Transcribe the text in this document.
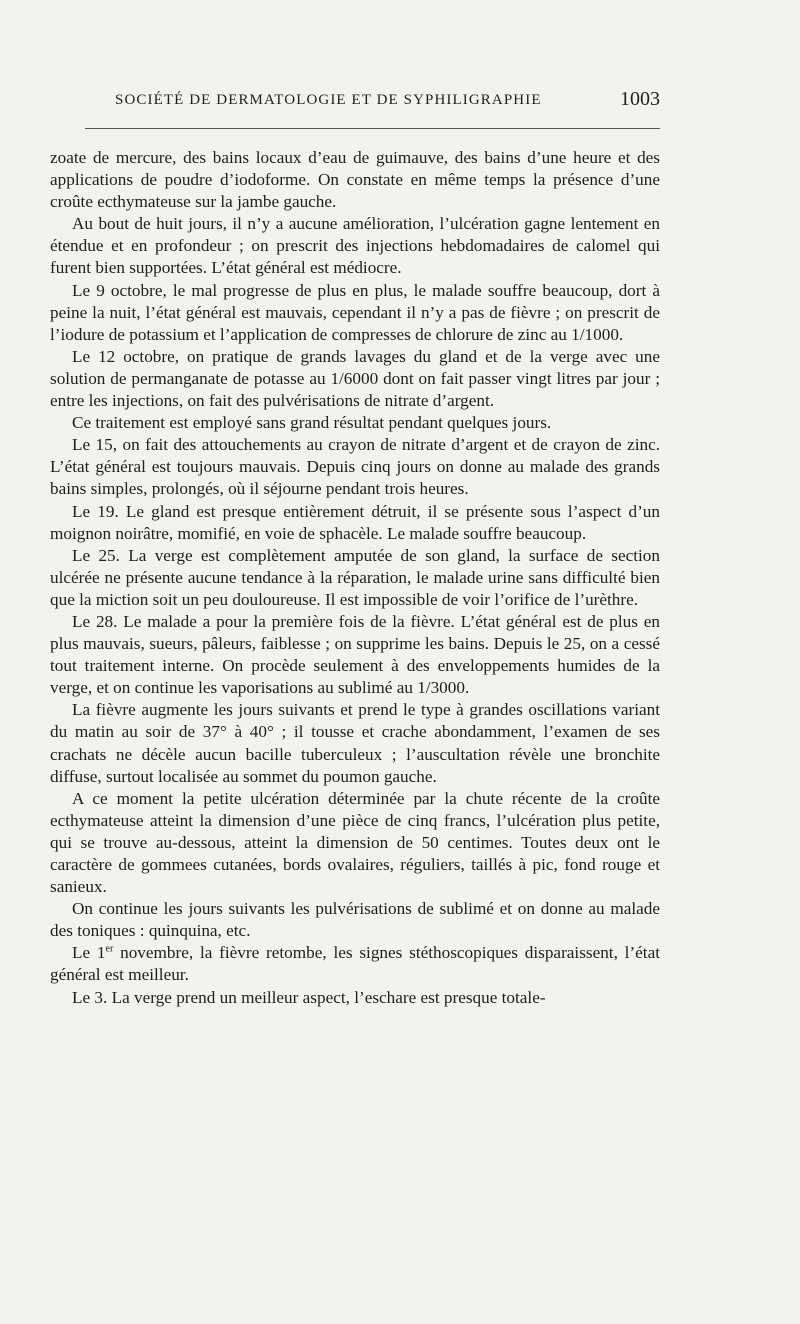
SOCIÉTÉ DE DERMATOLOGIE ET DE SYPHILIGRAPHIE	1003

zoate de mercure, des bains locaux d’eau de guimauve, des bains d’une heure et des applications de poudre d’iodoforme. On constate en même temps la présence d’une croûte ecthymateuse sur la jambe gauche.

Au bout de huit jours, il n’y a aucune amélioration, l’ulcération gagne lentement en étendue et en profondeur ; on prescrit des injections hebdomadaires de calomel qui furent bien supportées. L’état général est médiocre.

Le 9 octobre, le mal progresse de plus en plus, le malade souffre beaucoup, dort à peine la nuit, l’état général est mauvais, cependant il n’y a pas de fièvre ; on prescrit de l’iodure de potassium et l’application de compresses de chlorure de zinc au 1/1000.

Le 12 octobre, on pratique de grands lavages du gland et de la verge avec une solution de permanganate de potasse au 1/6000 dont on fait passer vingt litres par jour ; entre les injections, on fait des pulvérisations de nitrate d’argent.

Ce traitement est employé sans grand résultat pendant quelques jours.

Le 15, on fait des attouchements au crayon de nitrate d’argent et de crayon de zinc. L’état général est toujours mauvais. Depuis cinq jours on donne au malade des grands bains simples, prolongés, où il séjourne pendant trois heures.

Le 19. Le gland est presque entièrement détruit, il se présente sous l’aspect d’un moignon noirâtre, momifié, en voie de sphacèle. Le malade souffre beaucoup.

Le 25. La verge est complètement amputée de son gland, la surface de section ulcérée ne présente aucune tendance à la réparation, le malade urine sans difficulté bien que la miction soit un peu douloureuse. Il est impossible de voir l’orifice de l’urèthre.

Le 28. Le malade a pour la première fois de la fièvre. L’état général est de plus en plus mauvais, sueurs, pâleurs, faiblesse ; on supprime les bains. Depuis le 25, on a cessé tout traitement interne. On procède seulement à des enveloppements humides de la verge, et on continue les vaporisations au sublimé au 1/3000.

La fièvre augmente les jours suivants et prend le type à grandes oscillations variant du matin au soir de 37° à 40° ; il tousse et crache abondamment, l’examen de ses crachats ne décèle aucun bacille tuberculeux ; l’auscultation révèle une bronchite diffuse, surtout localisée au sommet du poumon gauche.

A ce moment la petite ulcération déterminée par la chute récente de la croûte ecthymateuse atteint la dimension d’une pièce de cinq francs, l’ulcération plus petite, qui se trouve au-dessous, atteint la dimension de 50 centimes. Toutes deux ont le caractère de gommees cutanées, bords ovalaires, réguliers, taillés à pic, fond rouge et sanieux.

On continue les jours suivants les pulvérisations de sublimé et on donne au malade des toniques : quinquina, etc.

Le 1er novembre, la fièvre retombe, les signes stéthoscopiques disparaissent, l’état général est meilleur.

Le 3. La verge prend un meilleur aspect, l’eschare est presque totale-
